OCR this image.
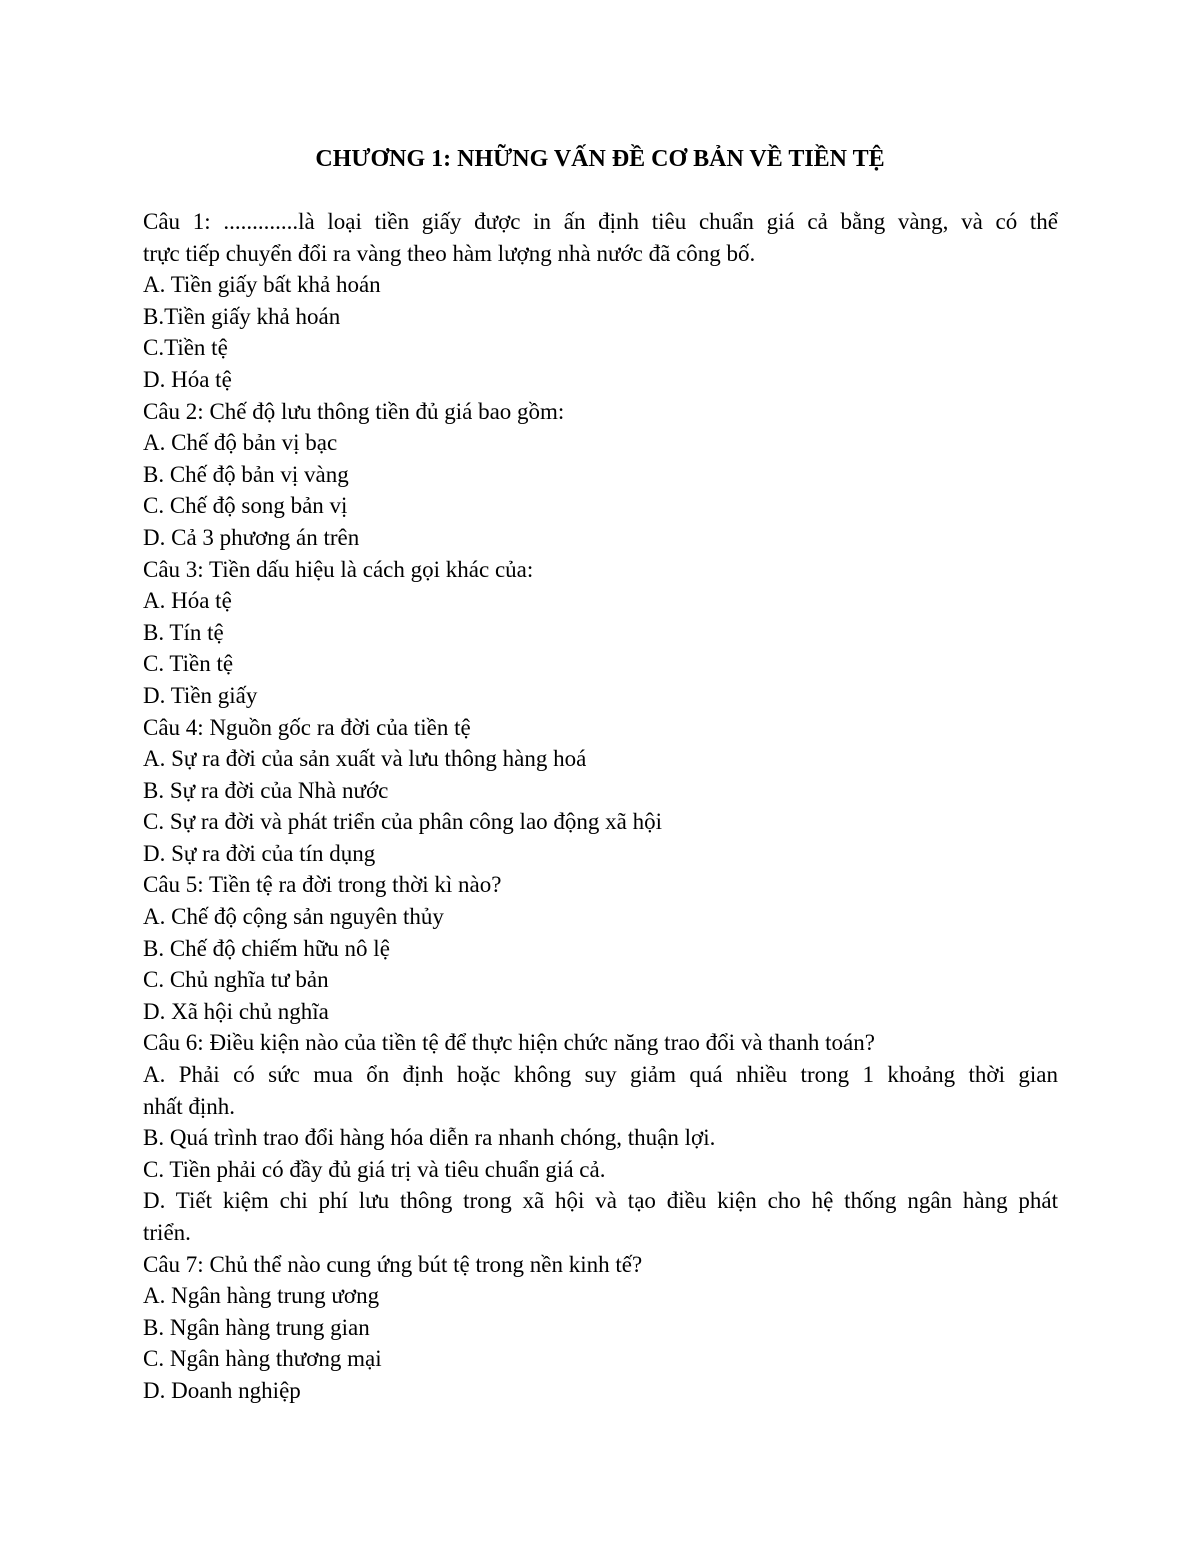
CHƯƠNG 1: NHỮNG VẤN ĐỀ CƠ BẢN VỀ TIỀN TỆ
Câu 1: .............là loại tiền giấy được in ấn định tiêu chuẩn giá cả bằng vàng, và có thể
trực tiếp chuyển đổi ra vàng theo hàm lượng nhà nước đã công bố.
A. Tiền giấy bất khả hoán
B.Tiền giấy khả hoán
C.Tiền tệ
D. Hóa tệ
Câu 2: Chế độ lưu thông tiền đủ giá bao gồm:
A. Chế độ bản vị bạc
B. Chế độ bản vị vàng
C. Chế độ song bản vị
D. Cả 3 phương án trên
Câu 3: Tiền dấu hiệu là cách gọi khác của:
A. Hóa tệ
B. Tín tệ
C. Tiền tệ
D. Tiền giấy
Câu 4: Nguồn gốc ra đời của tiền tệ
A. Sự ra đời của sản xuất và lưu thông hàng hoá
B. Sự ra đời của Nhà nước
C. Sự ra đời và phát triển của phân công lao động xã hội
D. Sự ra đời của tín dụng
Câu 5: Tiền tệ ra đời trong thời kì nào?
A. Chế độ cộng sản nguyên thủy
B. Chế độ chiếm hữu nô lệ
C. Chủ nghĩa tư bản
D. Xã hội chủ nghĩa
Câu 6: Điều kiện nào của tiền tệ để thực hiện chức năng trao đổi và thanh toán?
A. Phải có sức mua ổn định hoặc không suy giảm quá nhiều trong 1 khoảng thời gian
nhất định.
B. Quá trình trao đổi hàng hóa diễn ra nhanh chóng, thuận lợi.
C. Tiền phải có đầy đủ giá trị và tiêu chuẩn giá cả.
D. Tiết kiệm chi phí lưu thông trong xã hội và tạo điều kiện cho hệ thống ngân hàng phát
triển.
Câu 7: Chủ thể nào cung ứng bút tệ trong nền kinh tế?
A. Ngân hàng trung ương
B. Ngân hàng trung gian
C. Ngân hàng thương mại
D. Doanh nghiệp
